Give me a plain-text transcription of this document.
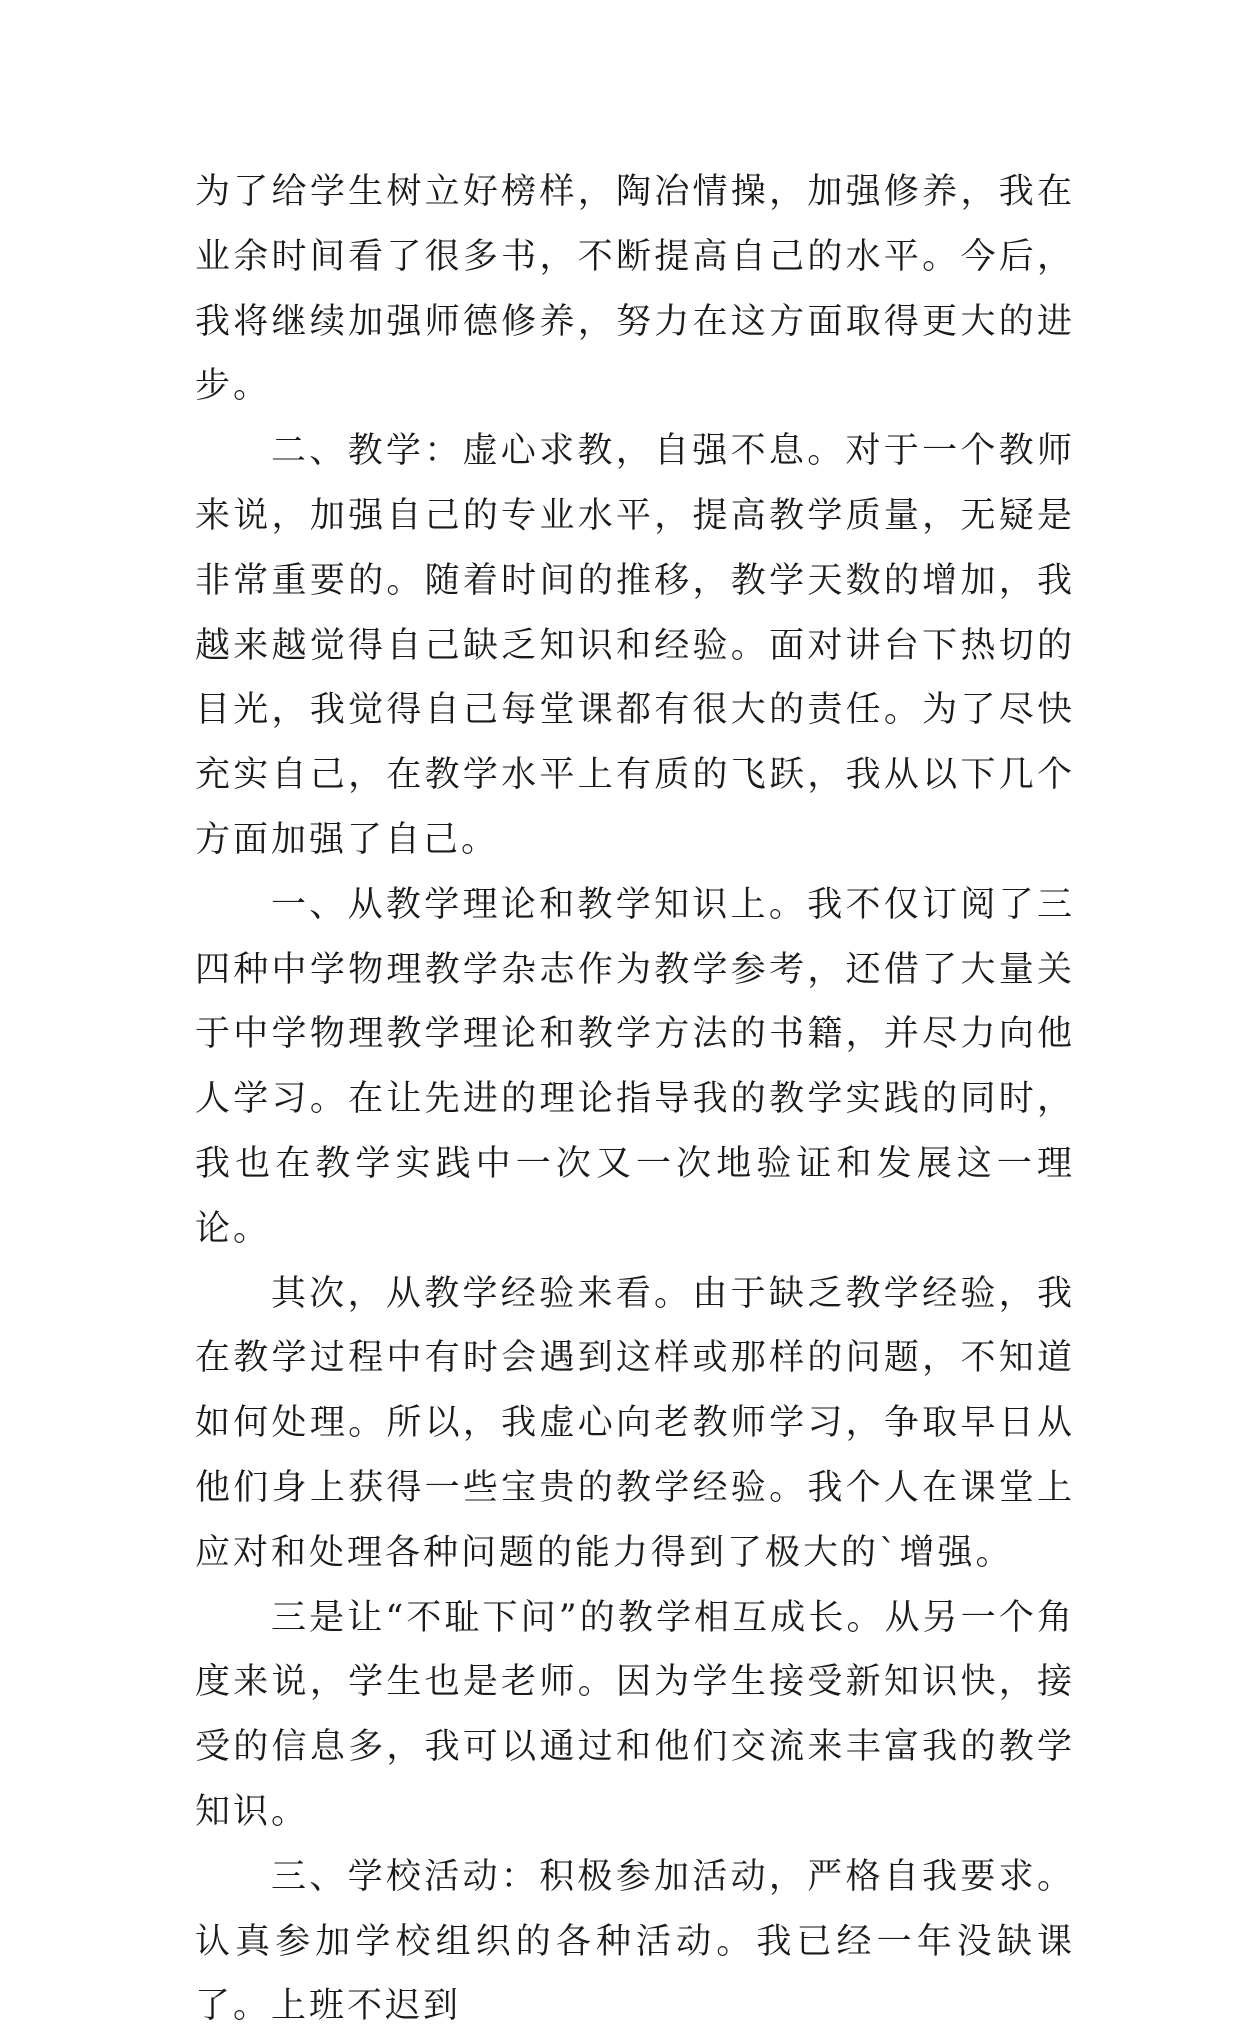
为了给学生树立好榜样，陶冶情操，加强修养，我在业余时间看了很多书，不断提高自己的水平。今后，我将继续加强师德修养，努力在这方面取得更大的进步。

二、教学：虚心求教，自强不息。对于一个教师来说，加强自己的专业水平，提高教学质量，无疑是非常重要的。随着时间的推移，教学天数的增加，我越来越觉得自己缺乏知识和经验。面对讲台下热切的目光，我觉得自己每堂课都有很大的责任。为了尽快充实自己，在教学水平上有质的飞跃，我从以下几个方面加强了自己。

一、从教学理论和教学知识上。我不仅订阅了三四种中学物理教学杂志作为教学参考，还借了大量关于中学物理教学理论和教学方法的书籍，并尽力向他人学习。在让先进的理论指导我的教学实践的同时，我也在教学实践中一次又一次地验证和发展这一理论。

其次，从教学经验来看。由于缺乏教学经验，我在教学过程中有时会遇到这样或那样的问题，不知道如何处理。所以，我虚心向老教师学习，争取早日从他们身上获得一些宝贵的教学经验。我个人在课堂上应对和处理各种问题的能力得到了极大的`增强。

三是让“不耻下问”的教学相互成长。从另一个角度来说，学生也是老师。因为学生接受新知识快，接受的信息多，我可以通过和他们交流来丰富我的教学知识。

三、学校活动：积极参加活动，严格自我要求。认真参加学校组织的各种活动。我已经一年没缺课了。上班不迟到
